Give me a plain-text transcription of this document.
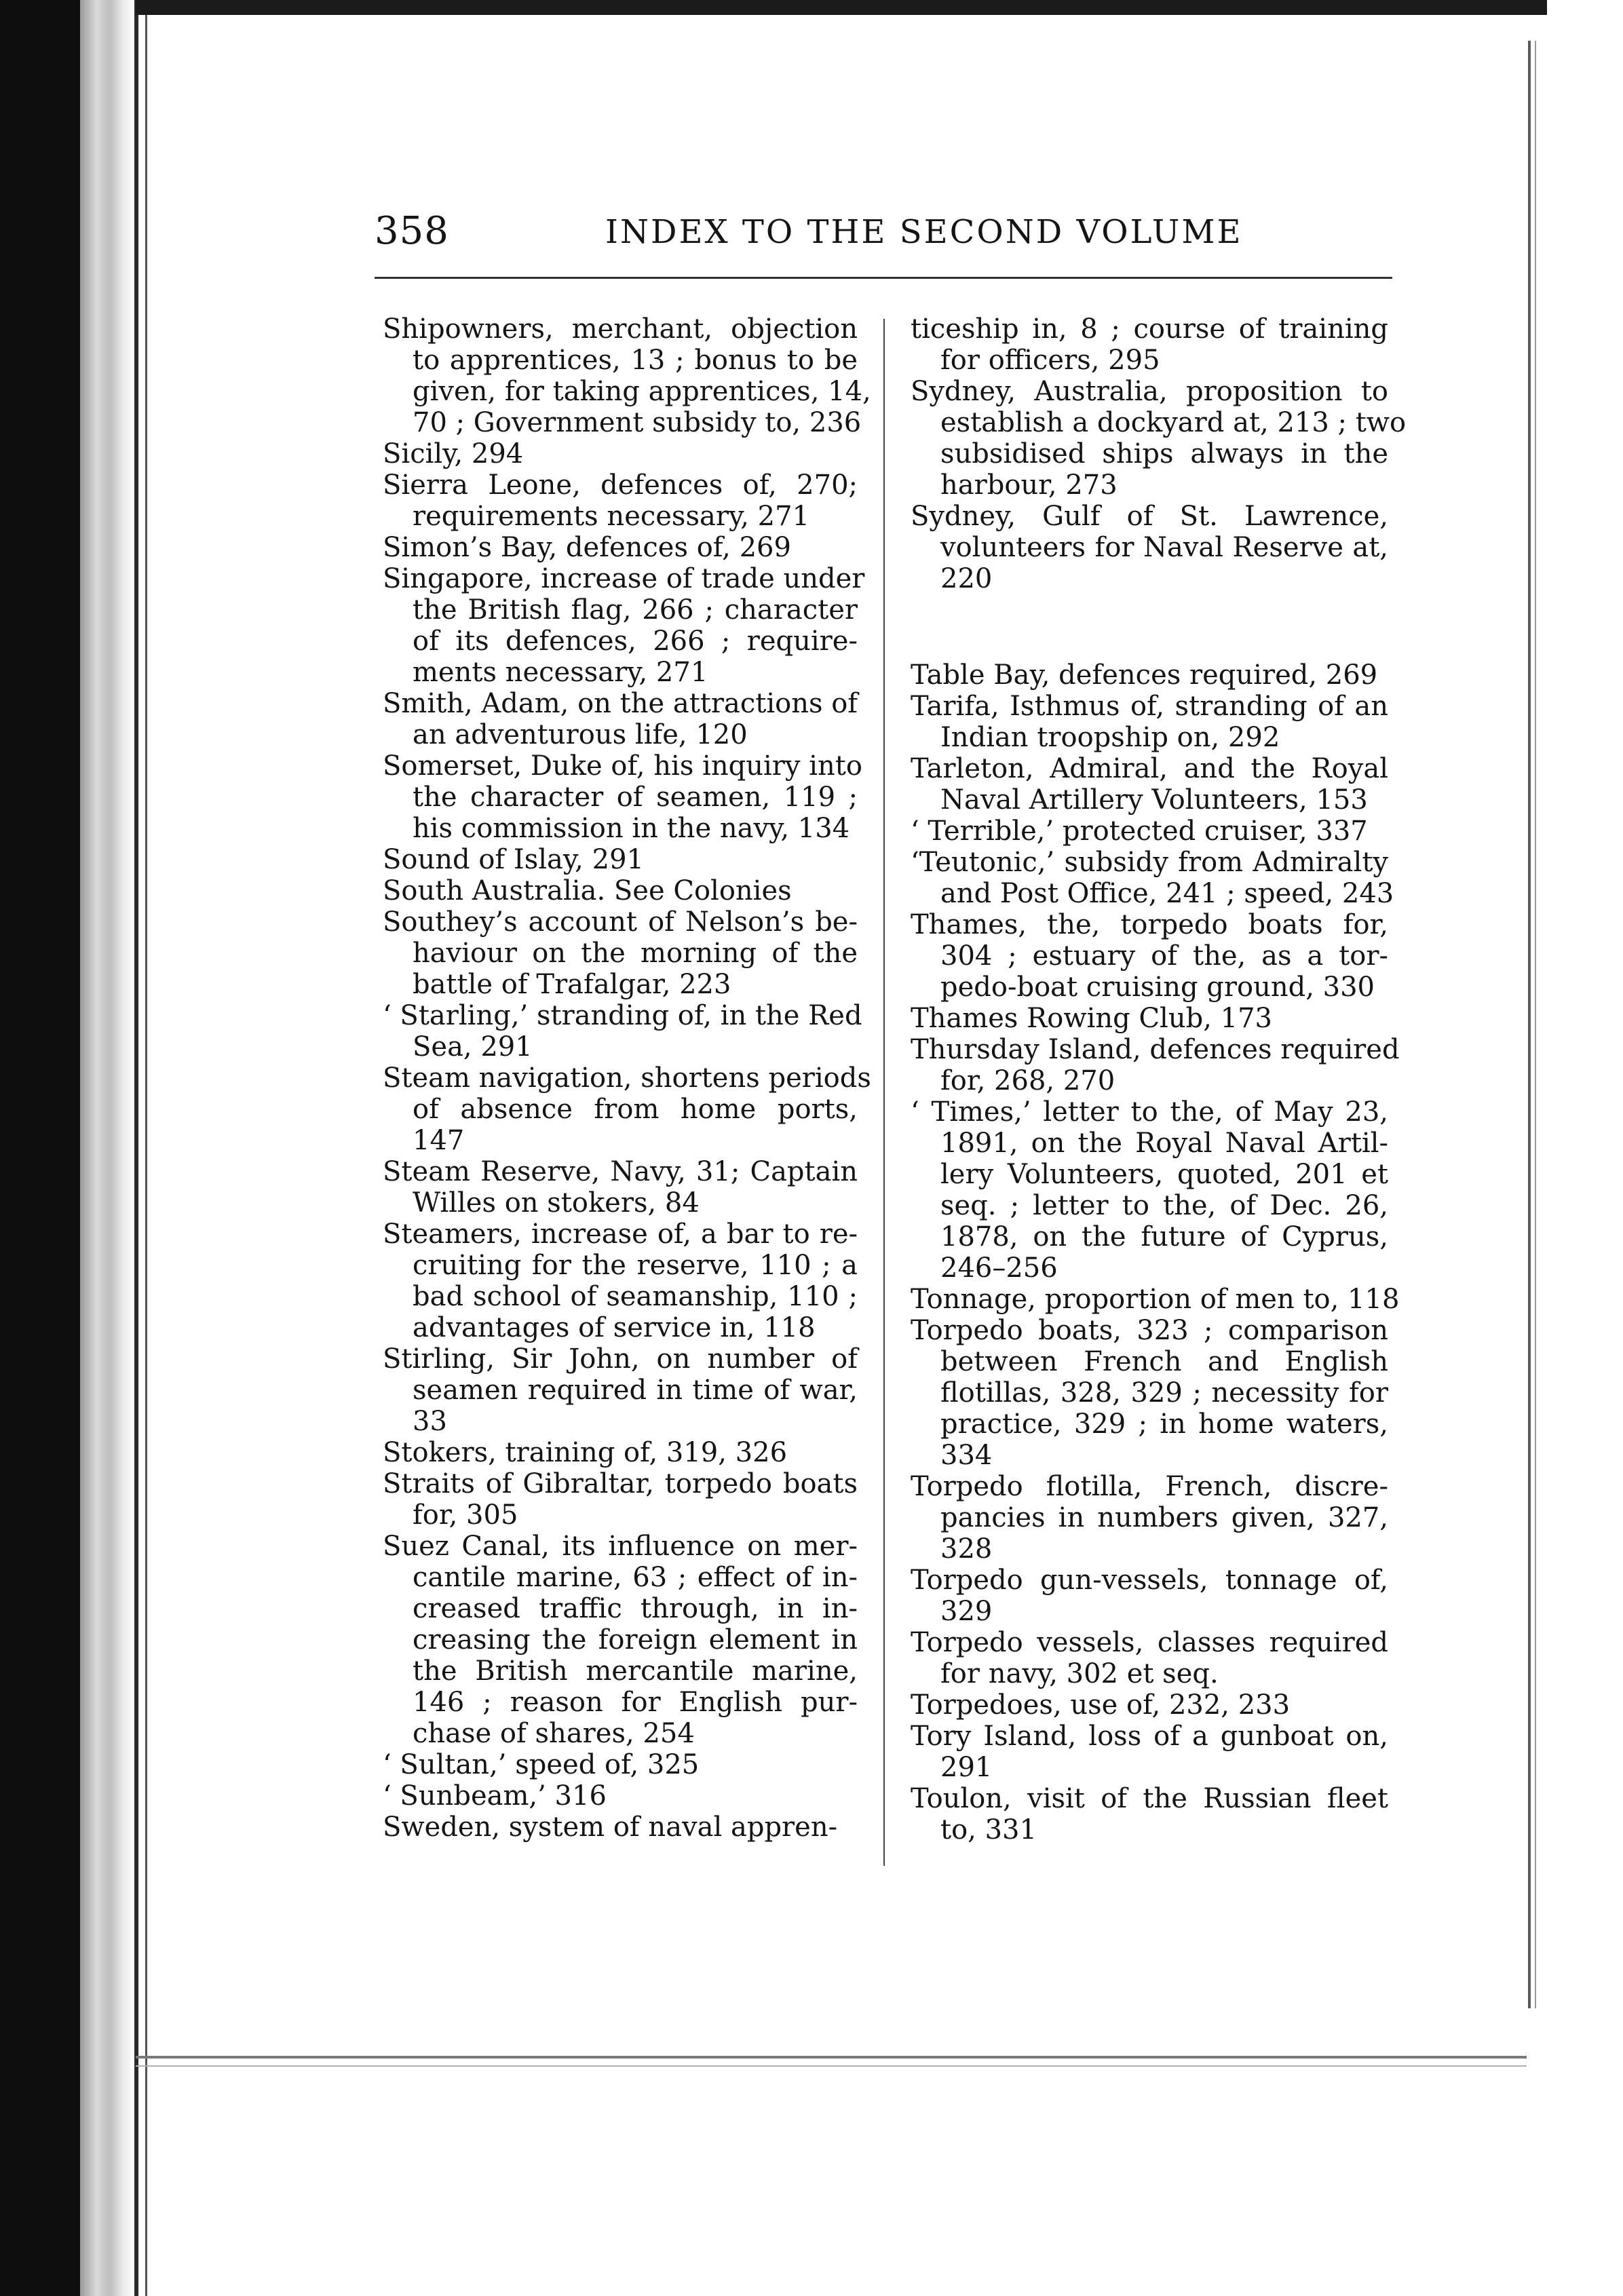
358	INDEX TO THE SECOND VOLUME
Shipowners, merchant, objection
to apprentices, 13 ; bonus to be
given, for taking apprentices, 14,
70 ; Government subsidy to, 236
Sicily, 294
Sierra Leone, defences of, 270;
requirements necessary, 271
Simon’s Bay, defences of, 269
Singapore, increase of trade under
the British flag, 266 ; character
of its defences, 266 ; require-
ments necessary, 271
Smith, Adam, on the attractions of
an adventurous life, 120
Somerset, Duke of, his inquiry into
the character of seamen, 119 ;
his commission in the navy, 134
Sound of Islay, 291
South Australia. See Colonies
Southey’s account of Nelson’s be-
haviour on the morning of the
battle of Trafalgar, 223
‘ Starling,’ stranding of, in the Red
Sea, 291
Steam navigation, shortens periods
of absence from home ports,
147
Steam Reserve, Navy, 31; Captain
Willes on stokers, 84
Steamers, increase of, a bar to re-
cruiting for the reserve, 110 ; a
bad school of seamanship, 110 ;
advantages of service in, 118
Stirling, Sir John, on number of
seamen required in time of war,
33
Stokers, training of, 319, 326
Straits of Gibraltar, torpedo boats
for, 305
Suez Canal, its influence on mer-
cantile marine, 63 ; effect of in-
creased traffic through, in in-
creasing the foreign element in
the British mercantile marine,
146 ; reason for English pur-
chase of shares, 254
‘ Sultan,’ speed of, 325
‘ Sunbeam,’ 316
Sweden, system of naval appren-
ticeship in, 8 ; course of training
for officers, 295
Sydney, Australia, proposition to
establish a dockyard at, 213 ; two
subsidised ships always in the
harbour, 273
Sydney, Gulf of St. Lawrence,
volunteers for Naval Reserve at,
220
Table Bay, defences required, 269
Tarifa, Isthmus of, stranding of an
Indian troopship on, 292
Tarleton, Admiral, and the Royal
Naval Artillery Volunteers, 153
‘ Terrible,’ protected cruiser, 337
‘Teutonic,’ subsidy from Admiralty
and Post Office, 241 ; speed, 243
Thames, the, torpedo boats for,
304 ; estuary of the, as a tor-
pedo-boat cruising ground, 330
Thames Rowing Club, 173
Thursday Island, defences required
for, 268, 270
‘ Times,’ letter to the, of May 23,
1891, on the Royal Naval Artil-
lery Volunteers, quoted, 201 et
seq. ; letter to the, of Dec. 26,
1878, on the future of Cyprus,
246–256
Tonnage, proportion of men to, 118
Torpedo boats, 323 ; comparison
between French and English
flotillas, 328, 329 ; necessity for
practice, 329 ; in home waters,
334
Torpedo flotilla, French, discre-
pancies in numbers given, 327,
328
Torpedo gun-vessels, tonnage of,
329
Torpedo vessels, classes required
for navy, 302 et seq.
Torpedoes, use of, 232, 233
Tory Island, loss of a gunboat on,
291
Toulon, visit of the Russian fleet
to, 331
